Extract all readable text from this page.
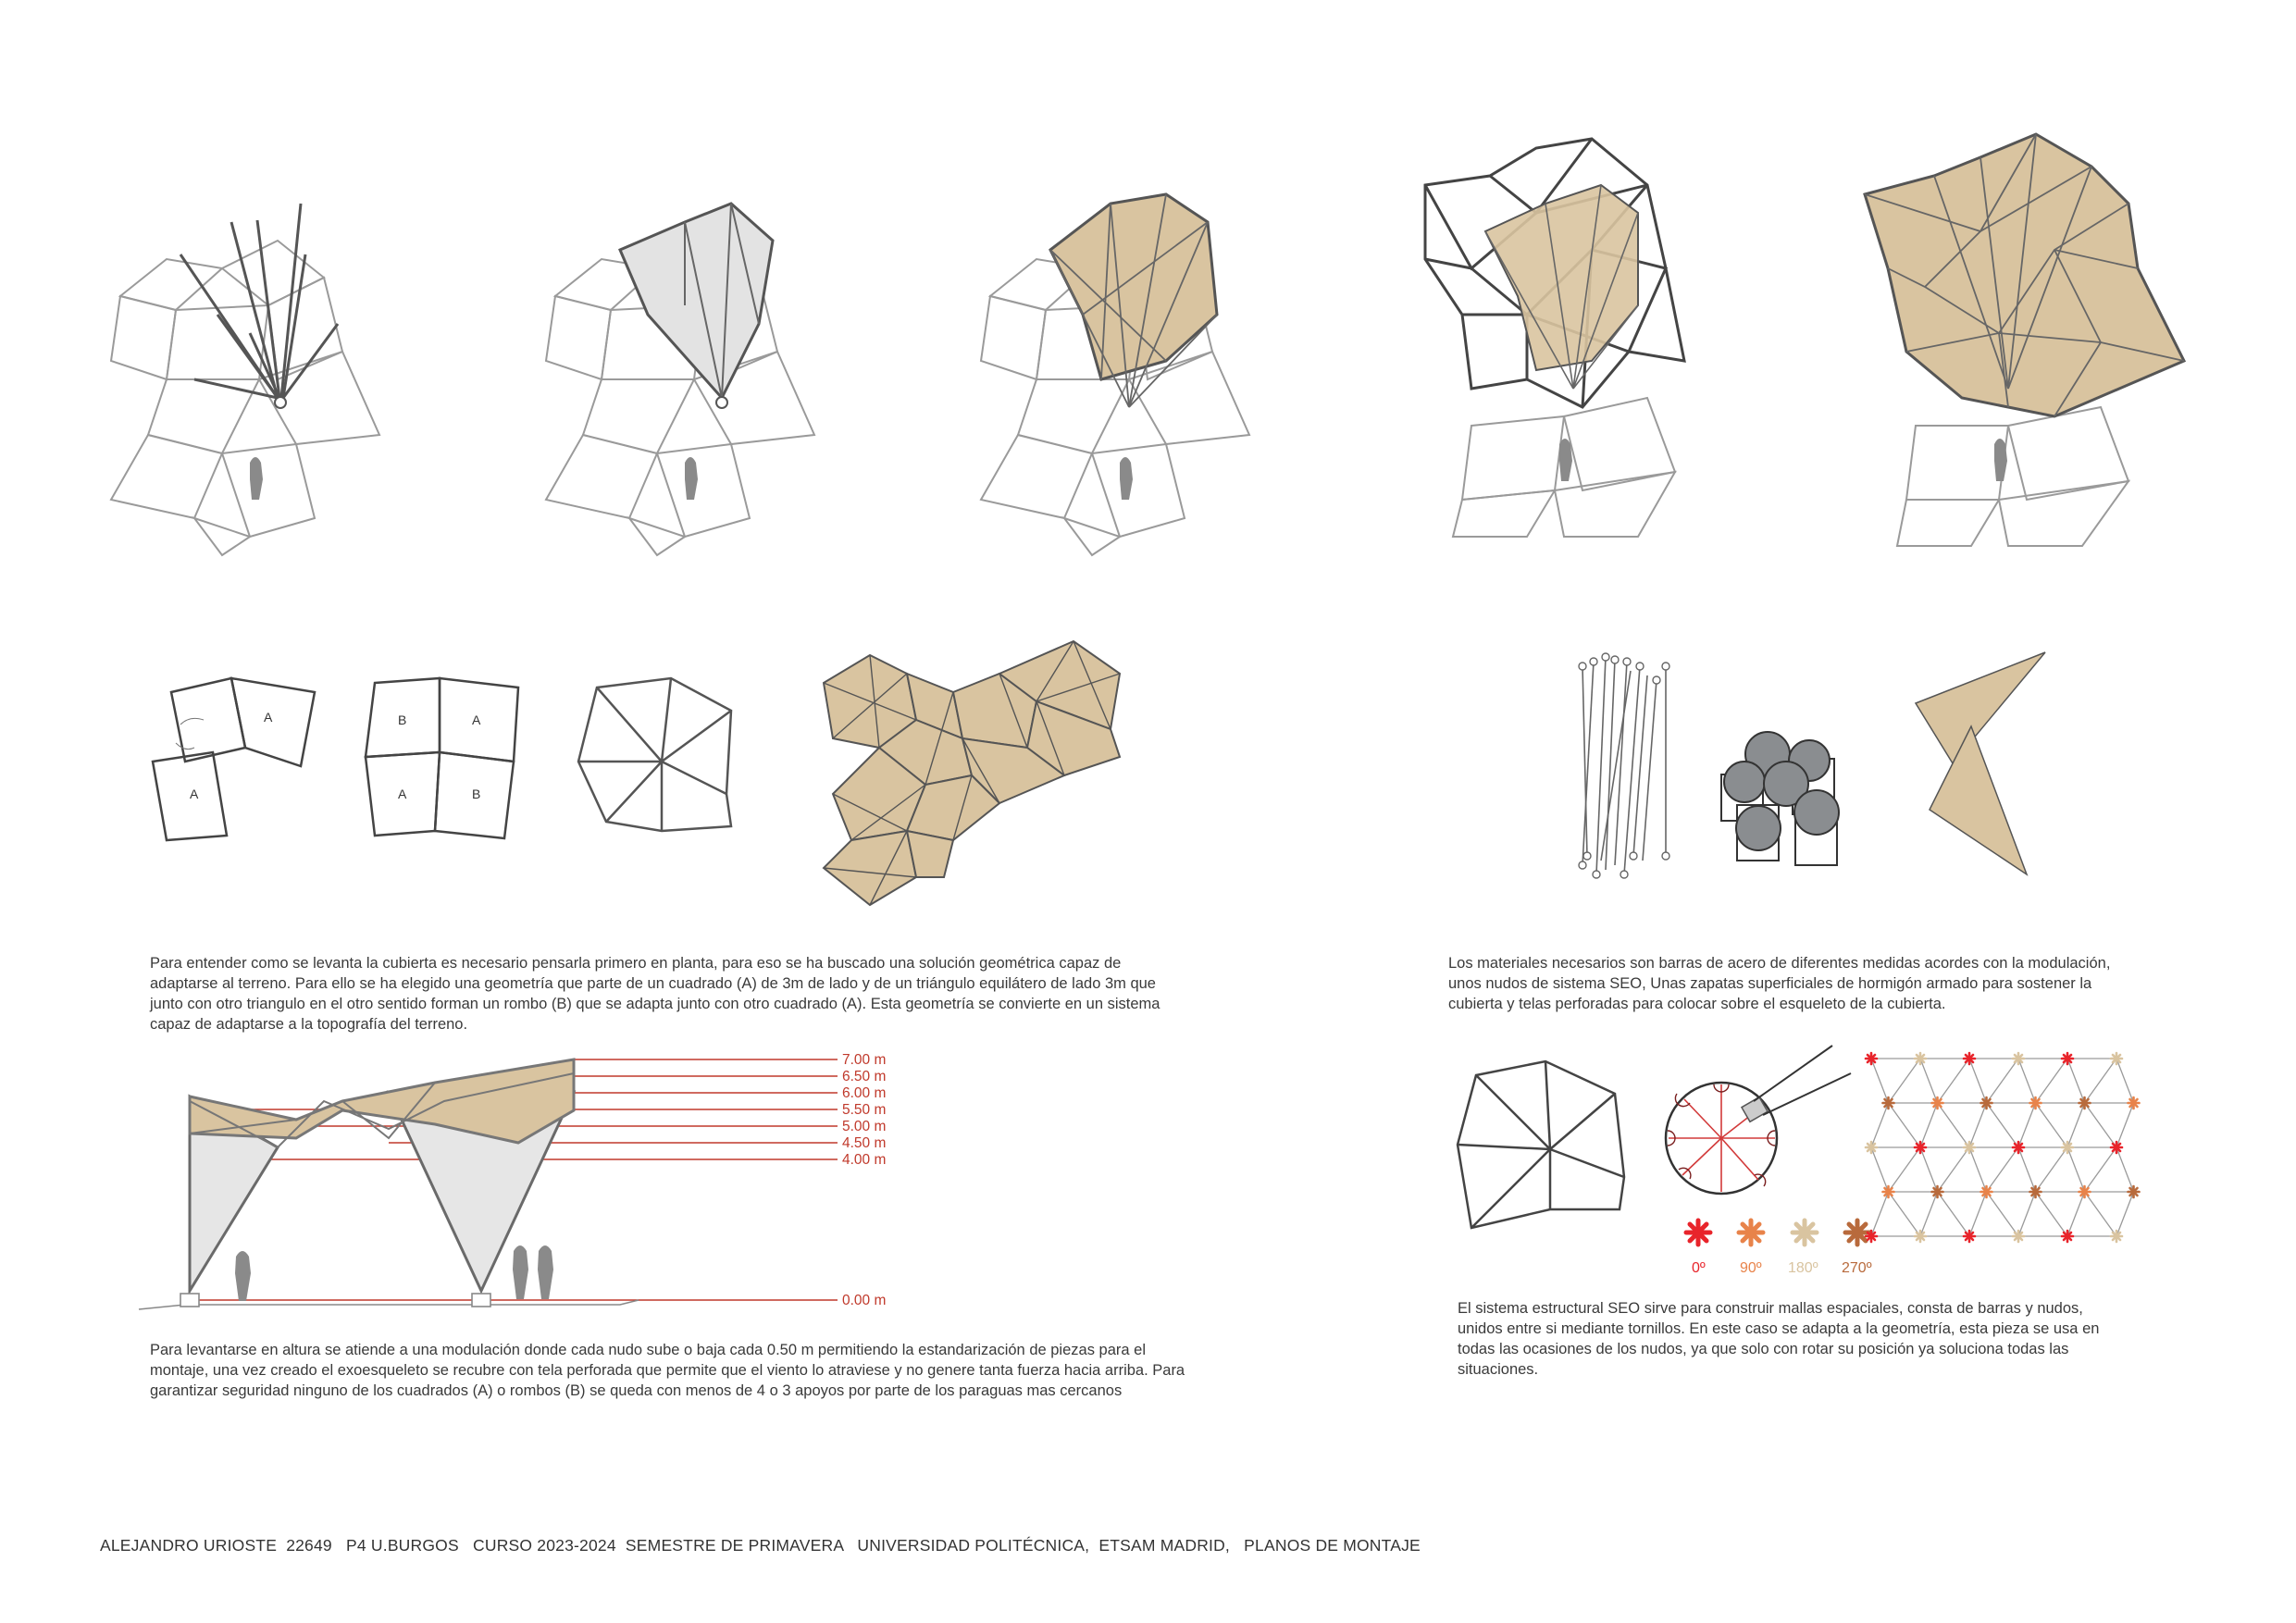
A
A
B	A
A	B
Para entender como se levanta la cubierta es necesario pensarla primero en planta, para eso se ha buscado una solución geométrica capaz de adaptarse al terreno. Para ello se ha elegido una geometría que parte de un cuadrado (A) de 3m de lado y de un triángulo equilátero de lado 3m que junto con otro triangulo en el otro sentido forman un rombo (B) que se adapta junto con otro cuadrado (A). Esta geometría se convierte en un sistema capaz de adaptarse a la topografía del terreno.
Los materiales necesarios son barras de acero de diferentes medidas acordes con la modulación, unos nudos de sistema SEO, Unas zapatas superficiales de hormigón armado para sostener la cubierta y telas perforadas para colocar sobre el esqueleto de la cubierta.
Para levantarse en altura se atiende a una modulación donde cada nudo sube o baja cada 0.50 m permitiendo la estandarización de piezas para el montaje, una vez creado el exoesqueleto se recubre con tela perforada que permite que el viento lo atraviese y no genere tanta fuerza hacia arriba. Para garantizar seguridad ninguno de los cuadrados (A) o rombos (B) se queda con menos de 4 o 3 apoyos por parte de los paraguas mas cercanos
El sistema estructural SEO sirve para construir mallas espaciales, consta de barras y nudos, unidos entre si mediante tornillos. En este caso se adapta a la geometría, esta pieza se usa en todas las ocasiones de los nudos, ya que solo con rotar su posición ya soluciona todas las situaciones.
7.00 m
6.50 m
6.00 m
5.50 m
5.00 m
4.50 m
4.00 m
0.00 m
0º 90º 180º 270º
ALEJANDRO URIOSTE  22649   P4 U.BURGOS   CURSO 2023-2024  SEMESTRE DE PRIMAVERA   UNIVERSIDAD POLITÉCNICA,  ETSAM MADRID,   PLANOS DE MONTAJE
